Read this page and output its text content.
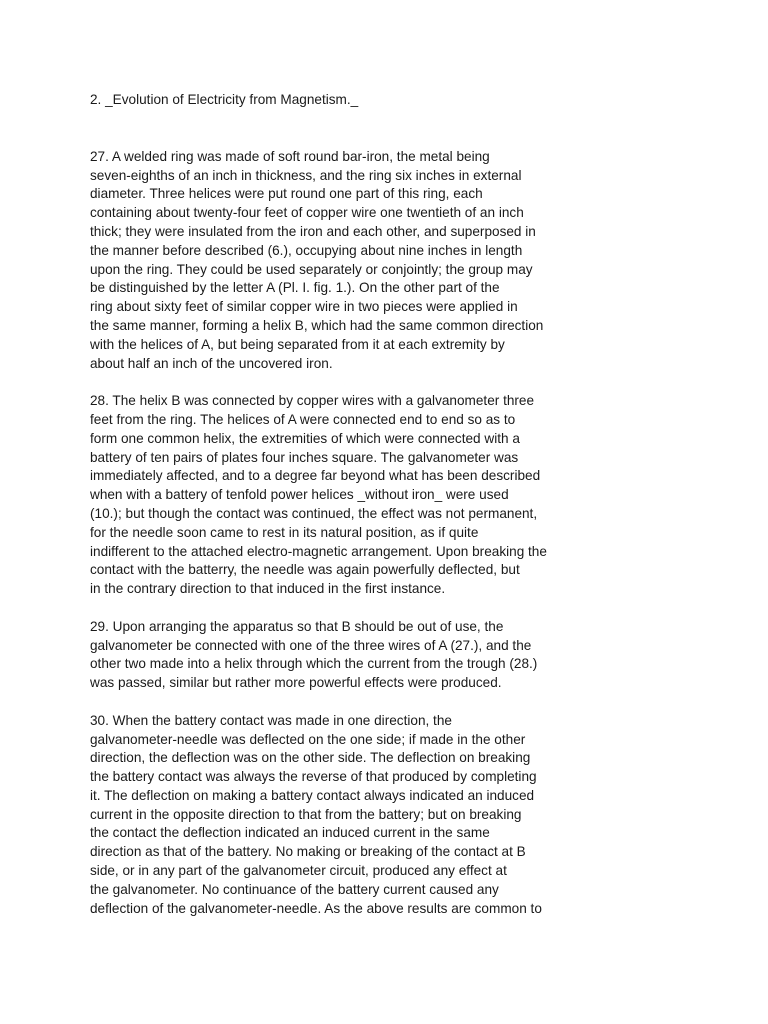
2. _Evolution of Electricity from Magnetism._
27. A welded ring was made of soft round bar-iron, the metal being
seven-eighths of an inch in thickness, and the ring six inches in external
diameter. Three helices were put round one part of this ring, each
containing about twenty-four feet of copper wire one twentieth of an inch
thick; they were insulated from the iron and each other, and superposed in
the manner before described (6.), occupying about nine inches in length
upon the ring. They could be used separately or conjointly; the group may
be distinguished by the letter A (Pl. I. fig. 1.). On the other part of the
ring about sixty feet of similar copper wire in two pieces were applied in
the same manner, forming a helix B, which had the same common direction
with the helices of A, but being separated from it at each extremity by
about half an inch of the uncovered iron.
28. The helix B was connected by copper wires with a galvanometer three
feet from the ring. The helices of A were connected end to end so as to
form one common helix, the extremities of which were connected with a
battery of ten pairs of plates four inches square. The galvanometer was
immediately affected, and to a degree far beyond what has been described
when with a battery of tenfold power helices _without iron_ were used
(10.); but though the contact was continued, the effect was not permanent,
for the needle soon came to rest in its natural position, as if quite
indifferent to the attached electro-magnetic arrangement. Upon breaking the
contact with the batterry, the needle was again powerfully deflected, but
in the contrary direction to that induced in the first instance.
29. Upon arranging the apparatus so that B should be out of use, the
galvanometer be connected with one of the three wires of A (27.), and the
other two made into a helix through which the current from the trough (28.)
was passed, similar but rather more powerful effects were produced.
30. When the battery contact was made in one direction, the
galvanometer-needle was deflected on the one side; if made in the other
direction, the deflection was on the other side. The deflection on breaking
the battery contact was always the reverse of that produced by completing
it. The deflection on making a battery contact always indicated an induced
current in the opposite direction to that from the battery; but on breaking
the contact the deflection indicated an induced current in the same
direction as that of the battery. No making or breaking of the contact at B
side, or in any part of the galvanometer circuit, produced any effect at
the galvanometer. No continuance of the battery current caused any
deflection of the galvanometer-needle. As the above results are common to
